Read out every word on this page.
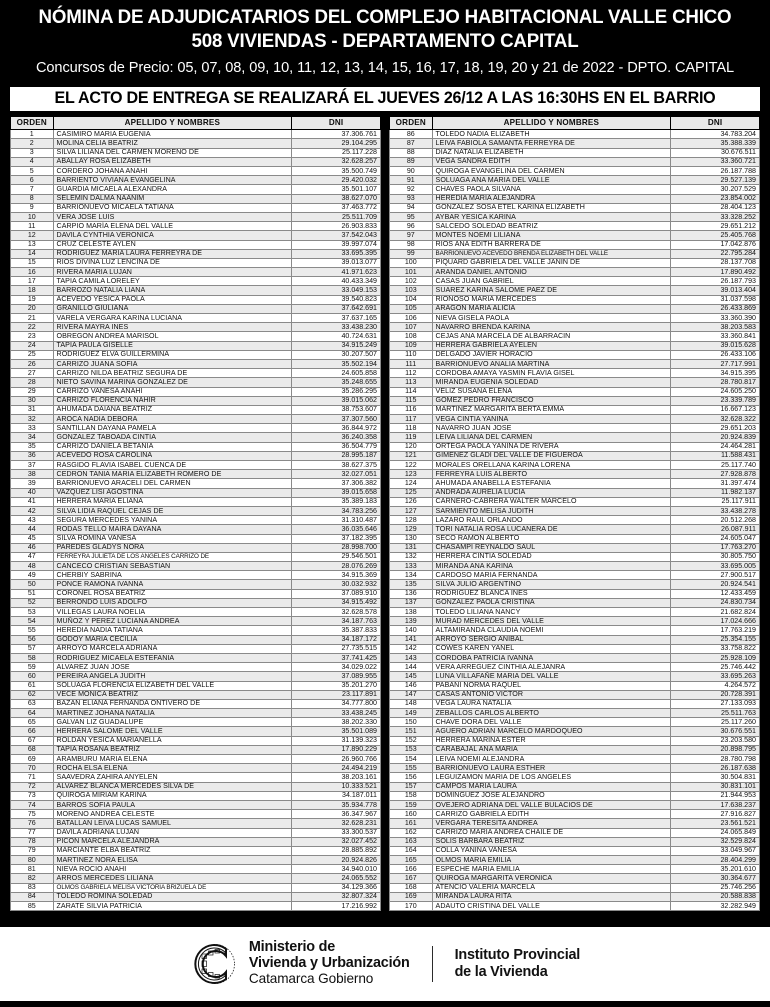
NÓMINA DE ADJUDICATARIOS DEL COMPLEJO HABITACIONAL VALLE CHICO
508 VIVIENDAS - DEPARTAMENTO CAPITAL
Concursos de Precio: 05, 07, 08, 09, 10, 11, 12, 13, 14, 15, 16, 17, 18, 19, 20 y 21 de 2022 - DPTO. CAPITAL
EL ACTO DE ENTREGA SE REALIZARÁ EL JUEVES 26/12 A LAS 16:30HS EN EL BARRIO
ORDEN	APELLIDO Y NOMBRES	DNI
1	CASIMIRO MARIA EUGENIA	37.306.761
2	MOLINA CELIA BEATRIZ	29.104.295
3	SILVA LILIANA DEL CARMEN MORENO DE	25.117.228
4	ABALLAY ROSA ELIZABETH	32.628.257
5	CORDERO JOHANA ANAHI	35.500.749
6	BARRIENTO VIVIANA EVANGELINA	29.420.032
7	GUARDIA MICAELA ALEXANDRA	35.501.107
8	SELEMIN DALMA NAANIM	38.627.070
9	BARRIONUEVO MICAELA TATIANA	37.463.772
10	VERA JOSE LUIS	25.511.709
11	CARPIO MARÍA ELENA DEL VALLE	26.903.833
12	DAVILA CYNTHIA VERONICA	37.542.043
13	CRUZ CELESTE AYLEN	39.997.074
14	RODRIGUEZ MARIA LAURA FERREYRA DE	33.695.395
15	RIOS DIVINA LUZ LENCINA DE	39.013.077
16	RIVERA MARIA LUJAN	41.971.623
17	TAPIA CAMILA LORELEY	40.433.349
18	BARROZO NATALIA LIANA	33.049.153
19	ACEVEDO YESICA PAOLA	39.540.823
20	GRANILLO GIULIANA	37.642.691
21	VARELA VERGARA KARINA LUCIANA	37.637.165
22	RIVERA MAYRA INES	33.438.230
23	OBREGON ANDREA MARISOL	40.724.631
24	TAPIA PAULA GISELLE	34.915.249
25	RODRIGUEZ ELVA GUILLERMINA	30.207.507
26	CARRIZO JUANA SOFIA	35.502.194
27	CARRIZO NILDA BEATRIZ SEGURA DE	24.605.858
28	NIETO SAVINA MARINA GONZALEZ DE	35.248.655
29	CARRIZO VANESA ANAHI	35.286.295
30	CARRIZO FLORENCIA NAHIR	39.015.062
31	AHUMADA DAIANA BEATRIZ	38.753.607
32	AROCA NADIA DEBORA	37.307.560
33	SANTILLAN DAYANA PAMELA	36.844.972
34	GONZALEZ TABOADA CINTIA	36.240.358
35	CARRIZO DANIELA BETANIA	36.504.779
36	ACEVEDO ROSA CAROLINA	28.995.187
37	RASGIDO FLAVIA ISABEL CUENCA DE	38.627.375
38	CEDRON TANIA MARIA ELIZABETH ROMERO DE	32.027.051
39	BARRIONUEVO ARACELI DEL CARMEN	37.306.382
40	VAZQUEZ LISI AGOSTINA	39.015.658
41	HERRERA MARIA ELIANA	35.389.183
42	SILVA LIDIA RAQUEL CEJAS DE	34.783.256
43	SEGURA MERCEDES YANINA	31.310.487
44	RODAS TELLO MAIRA DAYANA	36.035.646
45	SILVA ROMINA VANESA	37.182.395
46	PAREDES GLADYS NORA	28.998.700
47	FERREYRA JULIETA DE LOS ANGELES CARRIZO DE	29.546.501
48	CANCECO CRISTIAN SEBASTIAN	28.076.269
49	CHERBIY SABRINA	34.915.369
50	PONCE RAMONA IVANNA	30.032.932
51	CORONEL ROSA BEATRIZ	37.089.910
52	BERRONDO LUIS ADOLFO	34.915.492
53	VILLEGAS LAURA NOELIA	32.628.578
54	MUÑOZ Y PEREZ LUCIANA ANDREA	34.187.763
55	HEREDIA NADIA TATIANA	35.387.833
56	GODOY MARIA CECILIA	34.187.172
57	ARROYO MARCELA ADRIANA	27.735.515
58	RODRIGUEZ MICAELA ESTEFANIA	37.741.425
59	ALVAREZ JUAN JOSE	34.029.022
60	PEREIRA ANGELA JUDITH	37.089.955
61	SOLUAGA FLORENCIA ELIZABETH DEL VALLE	35.201.270
62	VECE MONICA BEATRIZ	23.117.891
63	BAZAN ELIANA FERNANDA ONTIVERO DE	34.777.800
64	MARTINEZ JOHANA NATALIA	33.438.245
65	GALVAN LIZ GUADALUPE	38.202.330
66	HERRERA SALOME DEL VALLE	35.501.089
67	ROLDAN YESICA MARIANELLA	31.139.323
68	TAPIA ROSANA BEATRIZ	17.890.229
69	ARAMBURU MARIA ELENA	26.960.766
70	ROCHA ELSA ELENA	24.494.219
71	SAAVEDRA ZAHIRA ANYELEN	38.203.161
72	ALVAREZ BLANCA MERCEDES SILVA DE	10.333.521
73	QUIROGA MIRIAM KARINA	34.187.011
74	BARROS SOFIA PAULA	35.934.778
75	MORENO ANDREA CELESTE	36.347.967
76	BATALLAN LEIVA LUCAS SAMUEL	32.628.231
77	DAVILA ADRIANA LUJAN	33.300.537
78	PICON MARCELA ALEJANDRA	32.027.452
79	MARCIANTE ELBA BEATRIZ	28.885.892
80	MARTINEZ NORA ELISA	20.924.826
81	NIEVA ROCIO ANAHI	34.940.010
82	ARROS MERCEDES LILIANA	24.065.552
83	OLMOS GABRIELA MELISA VICTORIA BRIZUELA DE	34.129.366
84	TOLEDO ROMINA SOLEDAD	32.807.324
85	ZARATE SILVIA PATRICIA	17.216.992
ORDEN	APELLIDO Y NOMBRES	DNI
86	TOLEDO NADIA ELIZABETH	34.783.204
87	LEIVA FABIOLA SAMANTA FERREYRA DE	35.388.339
88	DIAZ NATALIA ELIZABETH	30.676.511
89	VEGA SANDRA EDITH	33.360.721
90	QUIROGA EVANGELINA DEL CARMEN	26.187.788
91	SOLUAGA ANA MARIA DEL VALLE	29.527.139
92	CHAVES PAOLA SILVANA	30.207.529
93	HEREDIA MARIA ALEJANDRA	23.854.002
94	GONZALEZ SOSA ETEL KARINA ELIZABETH	28.404.123
95	AYBAR YESICA KARINA	33.328.252
96	SALCEDO SOLEDAD BEATRIZ	29.651.212
97	MONTES NOEMI LILIANA	25.405.768
98	RIOS ANA EDITH BARRERA DE	17.042.876
99	BARRIONUEVO ACEVEDO BRENDA ELIZABETH DEL VALLE	22.795.284
100	PIQUARD GABRIELA DEL VALLE JANIN DE	28.137.708
101	ARANDA DANIEL ANTONIO	17.890.492
102	CASAS JUAN GABRIEL	26.187.793
103	SUAREZ KARINA SALOME PAEZ DE	39.013.404
104	RIONOSO MARIA MERCEDES	31.037.598
105	ARAGON MARIA ALICIA	26.433.869
106	NIEVA GISELA PAOLA	33.360.390
107	NAVARRO BRENDA KARINA	38.203.583
108	CEJAS ANA MARCELA DE ALBARRACIN	33.360.841
109	HERRERA GABRIELA AYELEN	39.015.628
110	DELGADO JAVIER HORACIO	26.433.106
111	BARRIONUEVO ANALIA MARTINA	27.717.991
112	CORDOBA AMAYA YASMIN FLAVIA GISEL	34.915.395
113	MIRANDA EUGENIA SOLEDAD	28.780.817
114	VELIZ SUSANA ELENA	24.605.250
115	GOMEZ PEDRO FRANCISCO	23.339.789
116	MARTINEZ MARGARITA BERTA EMMA	16.667.123
117	VEGA CINTIA YANINA	32.628.322
118	NAVARRO JUAN JOSE	29.651.203
119	LEIVA LILIANA DEL CARMEN	20.924.839
120	ORTEGA PAOLA YANINA DE RIVERA	24.464.281
121	GIMENEZ GLADI DEL VALLE DE FIGUEROA	11.588.431
122	MORALES ORELLANA KARINA LORENA	25.117.740
123	FERREYRA LUIS ALBERTO	27.928.878
124	AHUMADA ANABELLA ESTEFANIA	31.397.474
125	ANDRADA AURELIA LUCIA	11.982.137
126	CARNERO-CABRERA WALTER MARCELO	25.117.911
127	SARMIENTO MELISA JUDITH	33.438.278
128	LAZARO RAUL ORLANDO	20.512.268
129	TORI NATALIA ROSA LUCANERA DE	26.087.911
130	SECO RAMON ALBERTO	24.605.047
131	CHASAMPI REYNALDO SAUL	17.763.270
132	HERRERA CINTIA SOLEDAD	30.805.750
133	MIRANDA ANA KARINA	33.695.005
134	CARDOSO MARIA FERNANDA	27.900.517
135	SILVA JULIO ARGENTINO	20.924.541
136	RODRIGUEZ BLANCA INES	12.433.459
137	GONZALEZ PAOLA CRISTINA	24.830.734
138	TOLEDO LILIANA NANCY	21.682.824
139	MURAD MERCEDES DEL VALLE	17.024.666
140	ALTAMIRANDA CLAUDIA NOEMI	17.763.219
141	ARROYO SERGIO ANIBAL	25.354.155
142	COWES KAREN YANEL	33.758.822
143	CORDOBA PATRICIA IVANNA	25.928.109
144	VERA ARREGUEZ CINTHIA ALEJANRA	25.746.442
145	LUNA VILLAFAÑE MARIA DEL VALLE	33.695.263
146	PABANI NORMA RAQUEL	4.264.572
147	CASAS ANTONIO VICTOR	20.728.391
148	VEGA LAURA NATALIA	27.133.093
149	ZEBALLOS CARLOS ALBERTO	25.511.763
150	CHAVE DORA DEL VALLE	25.117.260
151	AGÜERO ADRIAN MARCELO MARDOQUEO	30.676.551
152	HERRERA MARINA ESTER	23.203.580
153	CARABAJAL ANA MARIA	20.898.795
154	LEIVA NOEMI ALEJANDRA	28.780.798
155	BARRIONUEVO LAURA ESTHER	26.187.638
156	LEGUIZAMON MARIA DE LOS ANGELES	30.504.831
157	CAMPOS MARIA LAURA	30.831.101
158	DOMINGUEZ JOSE ALEJANDRO	21.944.953
159	OVEJERO ADRIANA DEL VALLE BULACIOS DE	17.638.237
160	CARRIZO GABRIELA EDITH	27.916.827
161	VERGARA TERESITA ANDREA	23.561.521
162	CARRIZO MARIA ANDREA CHAILE DE	24.065.849
163	SOLIS BARBARA BEATRIZ	32.529.824
164	COLLA YANINA VANESA	33.049.967
165	OLMOS MARIA EMILIA	28.404.299
166	ESPECHE MARIA EMILIA	35.201.610
167	QUIROGA MARGARITA VERONICA	30.364.677
168	ATENCIO VALERIA MARCELA	25.746.256
169	MIRANDA LAURA RITA	20.588.838
170	ADAUTO CRISTINA DEL VALLE	32.282.949
Ministerio de
Vivienda y Urbanización
Catamarca Gobierno
Instituto Provincial
de la Vivienda
